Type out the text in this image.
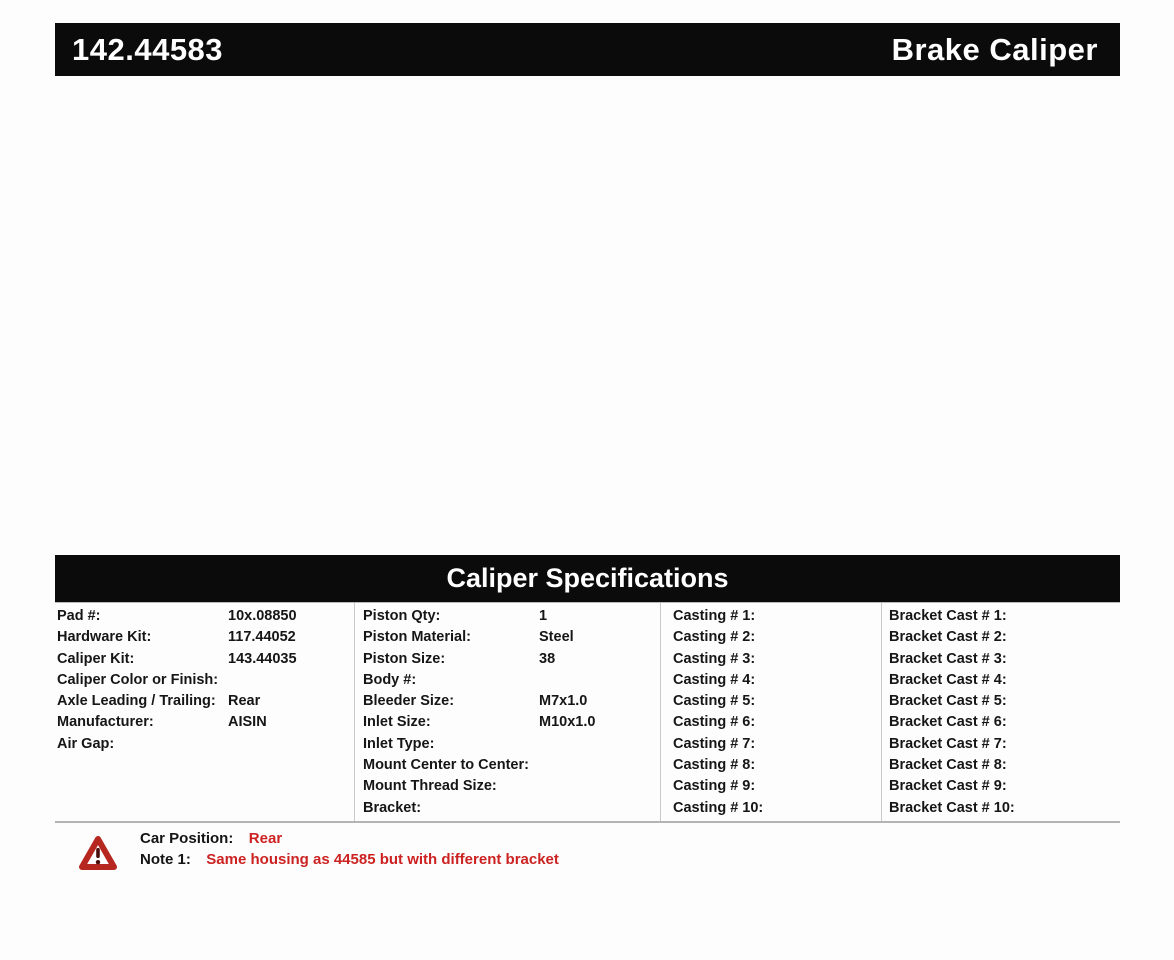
142.44583	Brake Caliper
Caliper Specifications
Pad #:	10x.08850
Hardware Kit:	117.44052
Caliper Kit:	143.44035
Caliper Color or Finish:
Axle Leading / Trailing: Rear
Manufacturer:	AISIN
Air Gap:
Piston Qty:	1
Piston Material:	Steel
Piston Size:	38
Body #:
Bleeder Size:	M7x1.0
Inlet Size:	M10x1.0
Inlet Type:
Mount Center to Center:
Mount Thread Size:
Bracket:
Casting # 1:
Casting # 2:
Casting # 3:
Casting # 4:
Casting # 5:
Casting # 6:
Casting # 7:
Casting # 8:
Casting # 9:
Casting # 10:
Bracket Cast # 1:
Bracket Cast # 2:
Bracket Cast # 3:
Bracket Cast # 4:
Bracket Cast # 5:
Bracket Cast # 6:
Bracket Cast # 7:
Bracket Cast # 8:
Bracket Cast # 9:
Bracket Cast # 10:
Car Position: Rear
Note 1: Same housing as 44585 but with different bracket
